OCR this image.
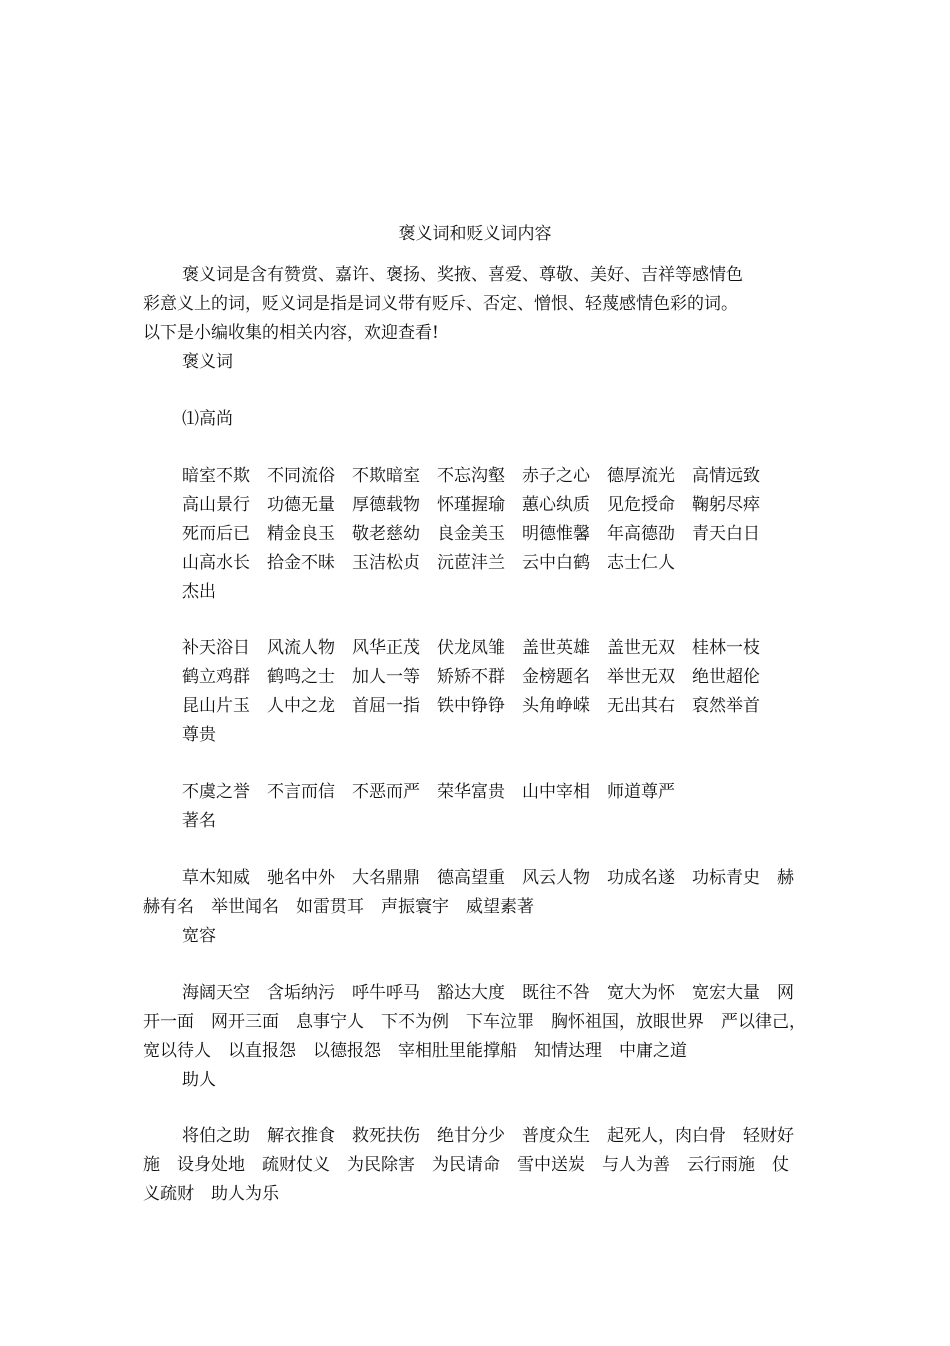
褒义词和贬义词内容
褒义词是含有赞赏、嘉许、褒扬、奖掖、喜爱、尊敬、美好、吉祥等感情色
彩意义上的词，贬义词是指是词义带有贬斥、否定、憎恨、轻蔑感情色彩的词。
以下是小编收集的相关内容，欢迎查看!
褒义词
⑴高尚
暗室不欺 不同流俗 不欺暗室 不忘沟壑 赤子之心 德厚流光 高情远致
高山景行 功德无量 厚德载物 怀瑾握瑜 蕙心纨质 见危授命 鞠躬尽瘁
死而后已 精金良玉 敬老慈幼 良金美玉 明德惟馨 年高德劭 青天白日
山高水长 拾金不昧 玉洁松贞 沅茝沣兰 云中白鹤 志士仁人
杰出
补天浴日 风流人物 风华正茂 伏龙凤雏 盖世英雄 盖世无双 桂林一枝
鹤立鸡群 鹤鸣之士 加人一等 矫矫不群 金榜题名 举世无双 绝世超伦
昆山片玉 人中之龙 首屈一指 铁中铮铮 头角峥嵘 无出其右 裒然举首
尊贵
不虞之誉 不言而信 不恶而严 荣华富贵 山中宰相 师道尊严
著名
草木知威　驰名中外　大名鼎鼎　德高望重　风云人物　功成名遂　功标青史　赫
赫有名　举世闻名　如雷贯耳　声振寰宇　威望素著
宽容
海阔天空　含垢纳污　呼牛呼马　豁达大度　既往不咎　宽大为怀　宽宏大量　网
开一面　网开三面　息事宁人　下不为例　下车泣罪　胸怀祖国，放眼世界　严以律己，
宽以待人　以直报怨　以德报怨　宰相肚里能撑船　知情达理　中庸之道
助人
将伯之助　解衣推食　救死扶伤　绝甘分少　普度众生　起死人，肉白骨　轻财好
施　设身处地　疏财仗义　为民除害　为民请命　雪中送炭　与人为善　云行雨施　仗
义疏财　助人为乐
